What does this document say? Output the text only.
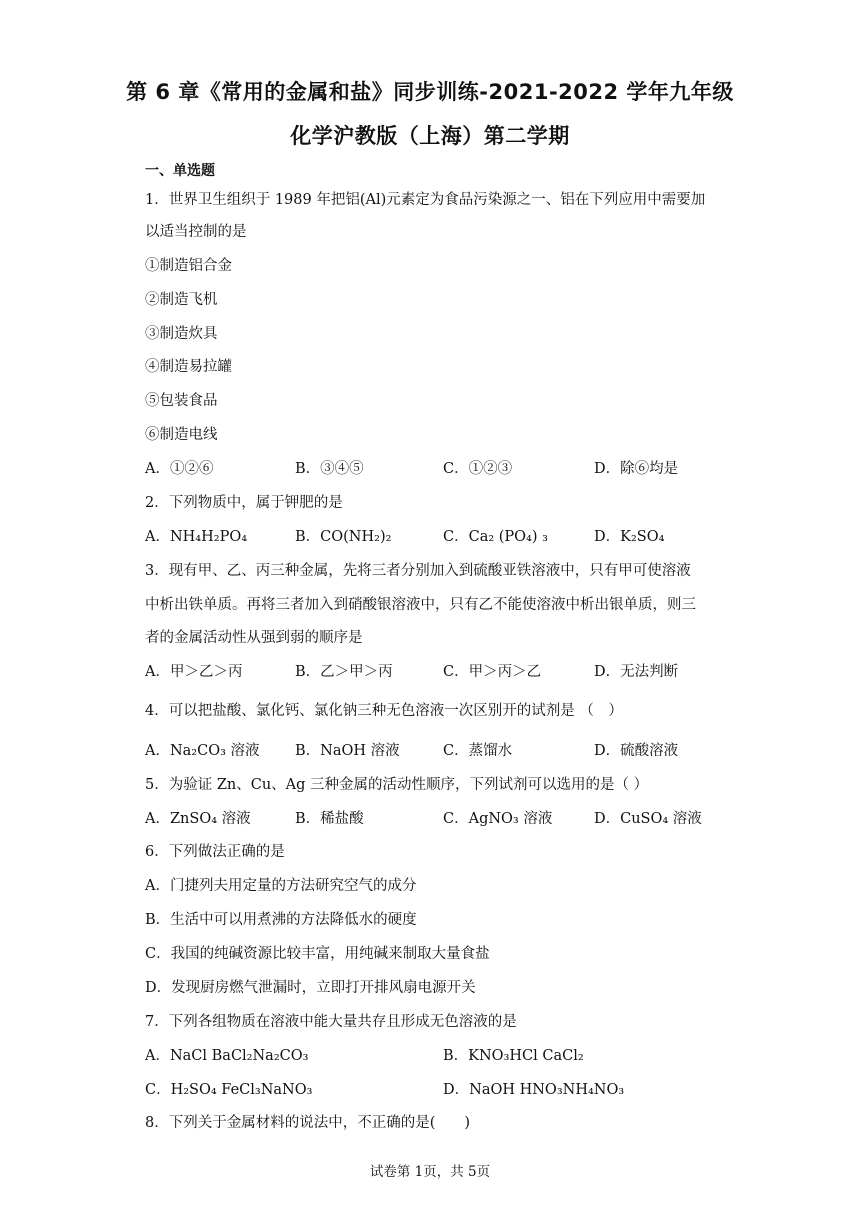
第 6 章《常用的金属和盐》同步训练-2021-2022 学年九年级
化学沪教版（上海）第二学期
一、单选题
1．世界卫生组织于 1989 年把铝(Al)元素定为食品污染源之一、铝在下列应用中需要加
以适当控制的是
①制造铝合金
②制造飞机
③制造炊具
④制造易拉罐
⑤包装食品
⑥制造电线
A．①②⑥	B．③④⑤	C．①②③	D．除⑥均是
2．下列物质中，属于钾肥的是
A．NH₄H₂PO₄	B．CO(NH₂)₂	C．Ca₂ (PO₄) ₃	D．K₂SO₄
3．现有甲、乙、丙三种金属，先将三者分别加入到硫酸亚铁溶液中，只有甲可使溶液
中析出铁单质。再将三者加入到硝酸银溶液中，只有乙不能使溶液中析出银单质，则三
者的金属活动性从强到弱的顺序是
A．甲＞乙＞丙	B．乙＞甲＞丙	C．甲＞丙＞乙	D．无法判断
4．可以把盐酸、氯化钙、氯化钠三种无色溶液一次区别开的试剂是 （　）
A．Na₂CO₃ 溶液 B．NaOH 溶液	C．蒸馏水	D．硫酸溶液
5．为验证 Zn、Cu、Ag 三种金属的活动性顺序，下列试剂可以选用的是（ ）
A．ZnSO₄ 溶液	B．稀盐酸	C．AgNO₃ 溶液	D．CuSO₄ 溶液
6．下列做法正确的是
A．门捷列夫用定量的方法研究空气的成分
B．生活中可以用煮沸的方法降低水的硬度
C．我国的纯碱资源比较丰富，用纯碱来制取大量食盐
D．发现厨房燃气泄漏时，立即打开排风扇电源开关
7．下列各组物质在溶液中能大量共存且形成无色溶液的是
A．NaCl BaCl₂Na₂CO₃	B．KNO₃HCl CaCl₂
C．H₂SO₄ FeCl₃NaNO₃	D．NaOH HNO₃NH₄NO₃
8．下列关于金属材料的说法中，不正确的是(　　)
试卷第 1页，共 5页
